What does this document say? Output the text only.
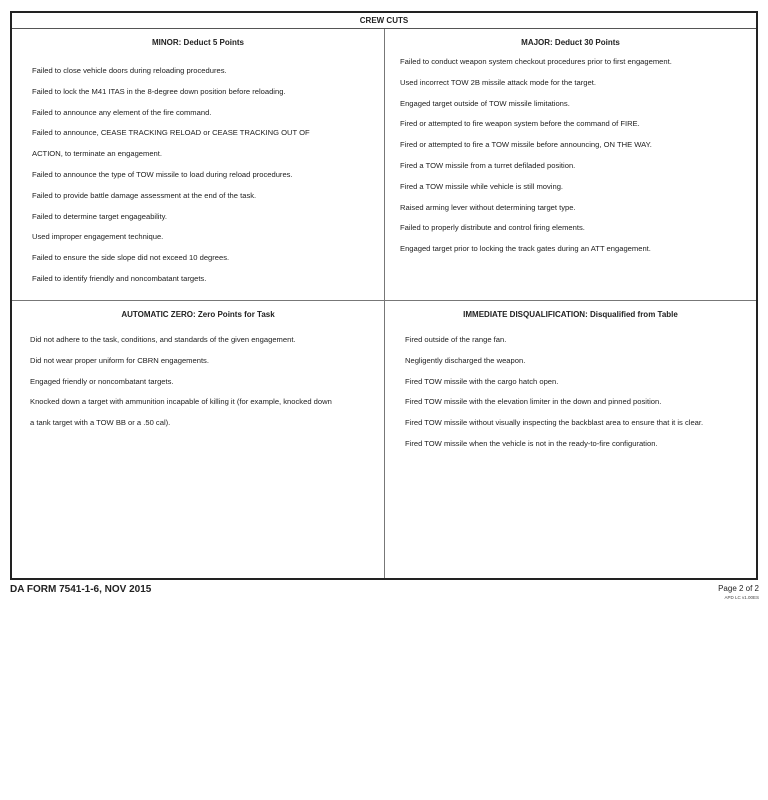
CREW CUTS
MINOR: Deduct 5 Points
Failed to close vehicle doors during reloading procedures.
Failed to lock the M41 ITAS in the 8-degree down position before reloading.
Failed to announce any element of the fire command.
Failed to announce, CEASE TRACKING RELOAD or CEASE TRACKING OUT OF
ACTION, to terminate an engagement.
Failed to announce the type of TOW missile to load during reload procedures.
Failed to provide battle damage assessment at the end of the task.
Failed to determine target engageability.
Used improper engagement technique.
Failed to ensure the side slope did not exceed 10 degrees.
Failed to identify friendly and noncombatant targets.
MAJOR: Deduct 30 Points
Failed to conduct weapon system checkout procedures prior to first engagement.
Used incorrect TOW 2B missile attack mode for the target.
Engaged target outside of TOW missile limitations.
Fired or attempted to fire weapon system before the command of FIRE.
Fired or attempted to fire a TOW missile before announcing, ON THE WAY.
Fired a TOW missile from a turret defiladed position.
Fired a TOW missile while vehicle is still moving.
Raised arming lever without determining target type.
Failed to properly distribute and control firing elements.
Engaged target prior to locking the track gates during an ATT engagement.
AUTOMATIC ZERO: Zero Points for Task
Did not adhere to the task, conditions, and standards of the given engagement.
Did not wear proper uniform for CBRN engagements.
Engaged friendly or noncombatant targets.
Knocked down a target with ammunition incapable of killing it (for example, knocked down
a tank target with a TOW BB or a .50 cal).
IMMEDIATE DISQUALIFICATION: Disqualified from Table
Fired outside of the range fan.
Negligently discharged the weapon.
Fired TOW missile with the cargo hatch open.
Fired TOW missile with the elevation limiter in the down and pinned position.
Fired TOW missile without visually inspecting the backblast area to ensure that it is clear.
Fired TOW missile when the vehicle is not in the ready-to-fire configuration.
DA FORM 7541-1-6, NOV 2015	Page 2 of 2
APD LC v1.00ES
